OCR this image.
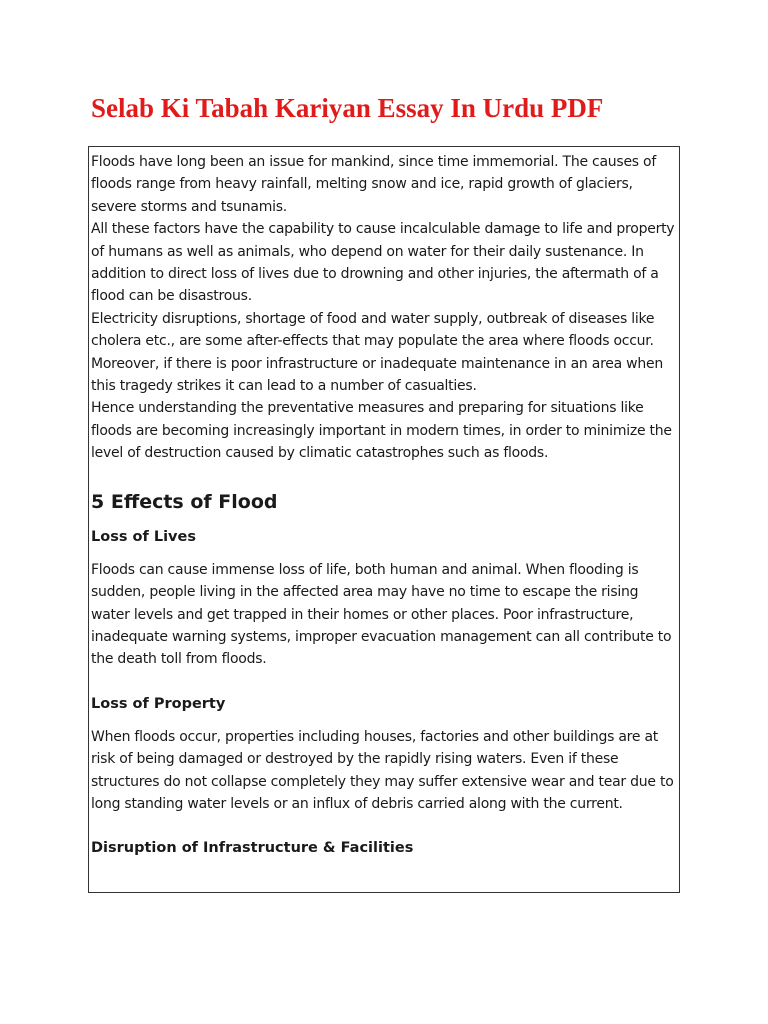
Selab Ki Tabah Kariyan Essay In Urdu PDF

Floods have long been an issue for mankind, since time immemorial. The causes of floods range from heavy rainfall, melting snow and ice, rapid growth of glaciers, severe storms and tsunamis.

All these factors have the capability to cause incalculable damage to life and property of humans as well as animals, who depend on water for their daily sustenance. In addition to direct loss of lives due to drowning and other injuries, the aftermath of a flood can be disastrous.

Electricity disruptions, shortage of food and water supply, outbreak of diseases like cholera etc., are some after-effects that may populate the area where floods occur. Moreover, if there is poor infrastructure or inadequate maintenance in an area when this tragedy strikes it can lead to a number of casualties.

Hence understanding the preventative measures and preparing for situations like floods are becoming increasingly important in modern times, in order to minimize the level of destruction caused by climatic catastrophes such as floods.

5 Effects of Flood
Loss of Lives

Floods can cause immense loss of life, both human and animal. When flooding is sudden, people living in the affected area may have no time to escape the rising water levels and get trapped in their homes or other places. Poor infrastructure, inadequate warning systems, improper evacuation management can all contribute to the death toll from floods.

Loss of Property

When floods occur, properties including houses, factories and other buildings are at risk of being damaged or destroyed by the rapidly rising waters. Even if these structures do not collapse completely they may suffer extensive wear and tear due to long standing water levels or an influx of debris carried along with the current.

Disruption of Infrastructure & Facilities
